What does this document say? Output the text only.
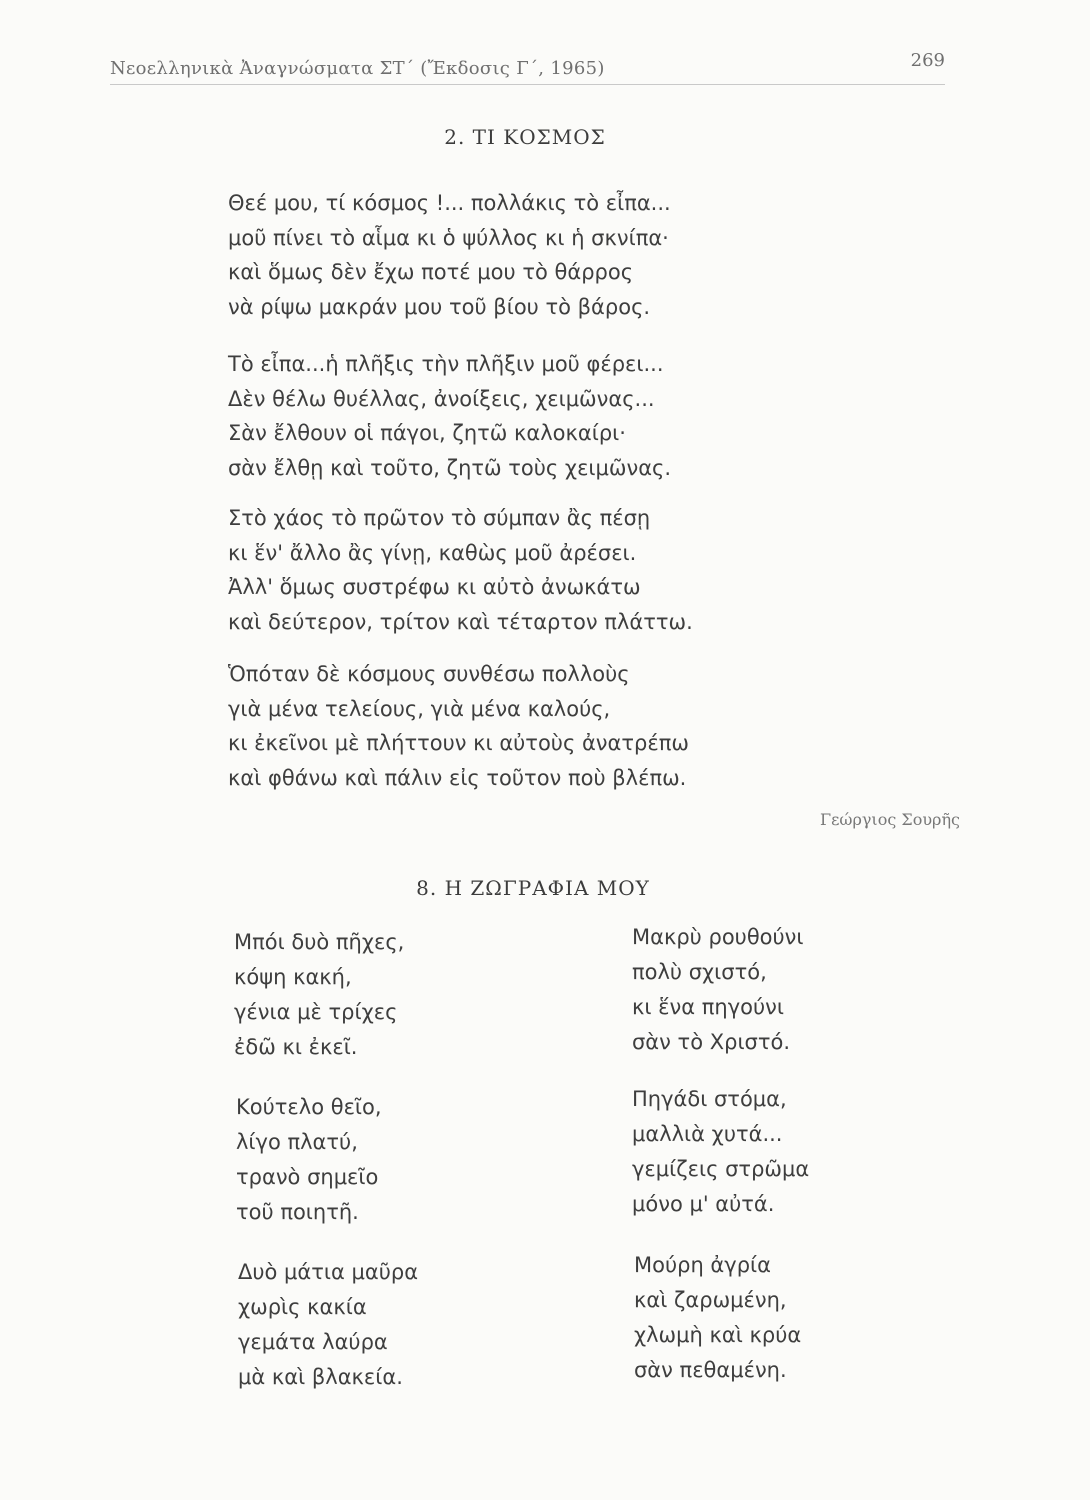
Νεοελληνικὰ Ἀναγνώσματα ΣΤ΄ (Ἔκδοσις Γ΄, 1965)	269
2. ΤΙ ΚΟΣΜΟΣ
Θεέ μου, τί κόσμος !... πολλάκις τὸ εἶπα...
μοῦ πίνει τὸ αἷμα κι ὁ ψύλλος κι ἡ σκνίπα·
καὶ ὅμως δὲν ἔχω ποτέ μου τὸ θάρρος
νὰ ρίψω μακράν μου τοῦ βίου τὸ βάρος.
Τὸ εἶπα...ἡ πλῆξις τὴν πλῆξιν μοῦ φέρει...
Δὲν θέλω θυέλλας, ἀνοίξεις, χειμῶνας...
Σὰν ἔλθουν οἱ πάγοι, ζητῶ καλοκαίρι·
σὰν ἔλθῃ καὶ τοῦτο, ζητῶ τοὺς χειμῶνας.
Στὸ χάος τὸ πρῶτον τὸ σύμπαν ἂς πέσῃ
κι ἕν' ἄλλο ἂς γίνῃ, καθὼς μοῦ ἀρέσει.
Ἀλλ' ὅμως συστρέφω κι αὐτὸ ἀνωκάτω
καὶ δεύτερον, τρίτον καὶ τέταρτον πλάττω.
Ὁπόταν δὲ κόσμους συνθέσω πολλοὺς
γιὰ μένα τελείους, γιὰ μένα καλούς,
κι ἐκεῖνοι μὲ πλήττουν κι αὐτοὺς ἀνατρέπω
καὶ φθάνω καὶ πάλιν εἰς τοῦτον ποὺ βλέπω.
Γεώργιος Σουρῆς
8. Η ΖΩΓΡΑΦΙΑ ΜΟΥ
Μπόι δυὸ πῆχες,
κόψη κακή,
γένια μὲ τρίχες
ἐδῶ κι ἐκεῖ.
Κούτελο θεῖο,
λίγο πλατύ,
τρανὸ σημεῖο
τοῦ ποιητῆ.
Δυὸ μάτια μαῦρα
χωρὶς κακία
γεμάτα λαύρα
μὰ καὶ βλακεία.
Μακρὺ ρουθούνι
πολὺ σχιστό,
κι ἕνα πηγούνι
σὰν τὸ Χριστό.
Πηγάδι στόμα,
μαλλιὰ χυτά...
γεμίζεις στρῶμα
μόνο μ' αὐτά.
Μούρη ἀγρία
καὶ ζαρωμένη,
χλωμὴ καὶ κρύα
σὰν πεθαμένη.
